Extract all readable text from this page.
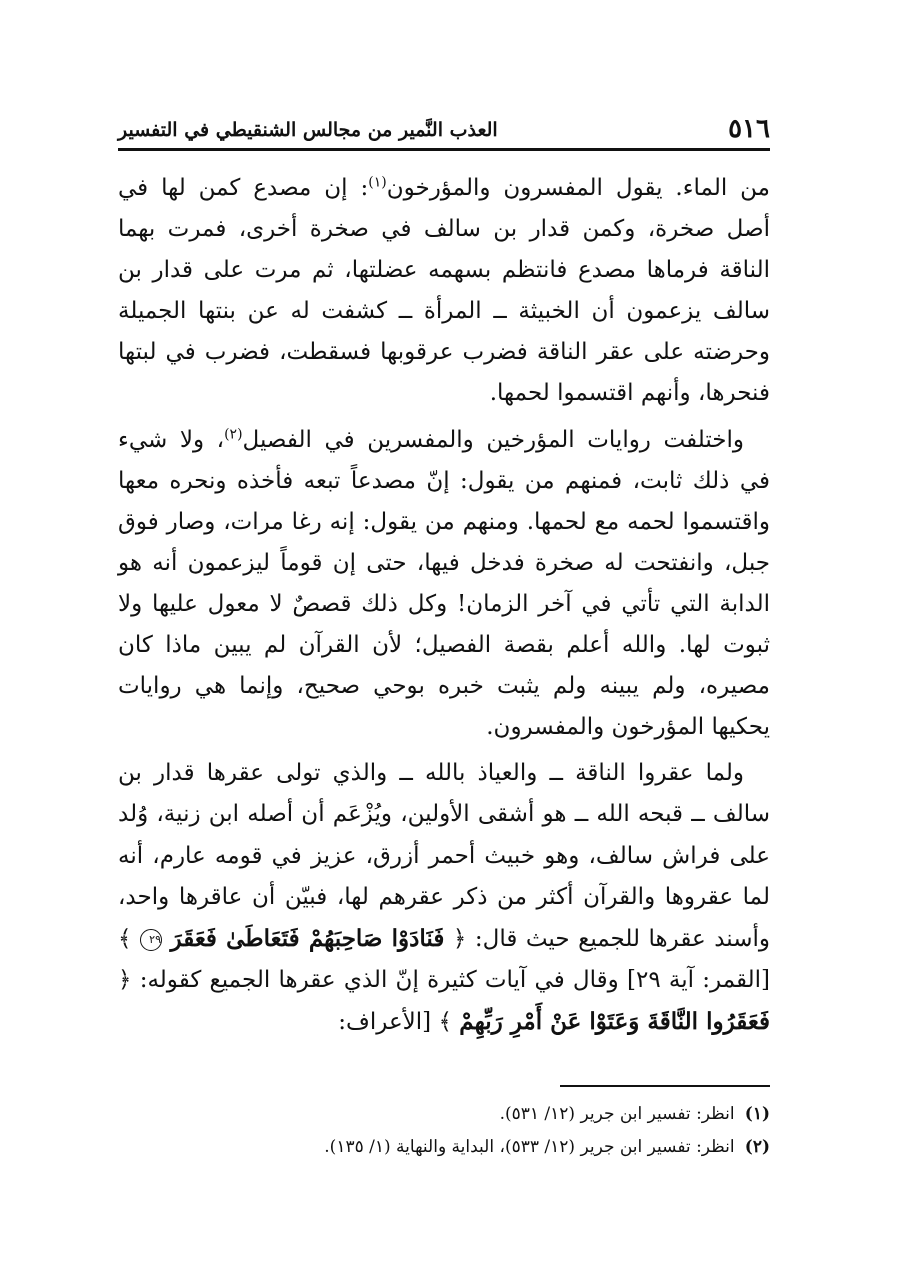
٥١٦
العذب النَّمير من مجالس الشنقيطي في التفسير

من الماء. يقول المفسرون والمؤرخون$^{(١)}$: إن مصدع كمن لها في أصل صخرة، وكمن قدار بن سالف في صخرة أخرى، فمرت بهما الناقة فرماها مصدع فانتظم بسهمه عضلتها، ثم مرت على قدار بن سالف يزعمون أن الخبيثة ــ المرأة ــ كشفت له عن بنتها الجميلة وحرضته على عقر الناقة فضرب عرقوبها فسقطت، فضرب في لبتها فنحرها، وأنهم اقتسموا لحمها.

واختلفت روايات المؤرخين والمفسرين في الفصيل$^{(٢)}$، ولا شيء في ذلك ثابت، فمنهم من يقول: إنّ مصدعاً تبعه فأخذه ونحره معها واقتسموا لحمه مع لحمها. ومنهم من يقول: إنه رغا مرات، وصار فوق جبل، وانفتحت له صخرة فدخل فيها، حتى إن قوماً ليزعمون أنه هو الدابة التي تأتي في آخر الزمان! وكل ذلك قصصٌ لا معول عليها ولا ثبوت لها. والله أعلم بقصة الفصيل؛ لأن القرآن لم يبين ماذا كان مصيره، ولم يبينه ولم يثبت خبره بوحي صحيح، وإنما هي روايات يحكيها المؤرخون والمفسرون.

ولما عقروا الناقة ــ والعياذ بالله ــ والذي تولى عقرها قدار بن سالف ــ قبحه الله ــ هو أشقى الأولين، ويُزْعَم أن أصله ابن زنية، وُلد على فراش سالف، وهو خبيث أحمر أزرق، عزيز في قومه عارم، أنه لما عقروها والقرآن أكثر من ذكر عقرهم لها، فبيّن أن عاقرها واحد، وأسند عقرها للجميع حيث قال: ﴿ فَنَادَوْا صَاحِبَهُمْ فَتَعَاطَىٰ فَعَقَرَ ٢٩ ﴾ [القمر: آية ٢٩] وقال في آيات كثيرة إنّ الذي عقرها الجميع كقوله: ﴿ فَعَقَرُوا النَّاقَةَ وَعَتَوْا عَنْ أَمْرِ رَبِّهِمْ ﴾ [الأعراف:

(١) انظر: تفسير ابن جرير (١٢/ ٥٣١).
(٢) انظر: تفسير ابن جرير (١٢/ ٥٣٣)، البداية والنهاية (١/ ١٣٥).
